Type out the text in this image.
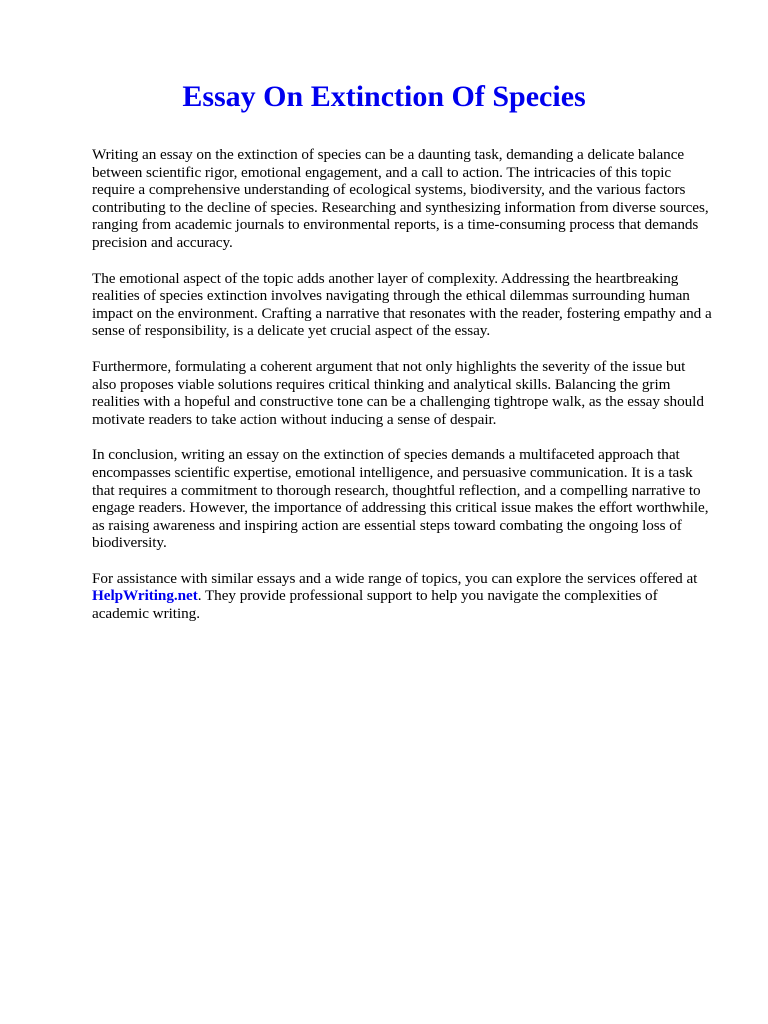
Essay On Extinction Of Species

Writing an essay on the extinction of species can be a daunting task, demanding a delicate balance between scientific rigor, emotional engagement, and a call to action. The intricacies of this topic require a comprehensive understanding of ecological systems, biodiversity, and the various factors contributing to the decline of species. Researching and synthesizing information from diverse sources, ranging from academic journals to environmental reports, is a time-consuming process that demands precision and accuracy.

The emotional aspect of the topic adds another layer of complexity. Addressing the heartbreaking realities of species extinction involves navigating through the ethical dilemmas surrounding human impact on the environment. Crafting a narrative that resonates with the reader, fostering empathy and a sense of responsibility, is a delicate yet crucial aspect of the essay.

Furthermore, formulating a coherent argument that not only highlights the severity of the issue but also proposes viable solutions requires critical thinking and analytical skills. Balancing the grim realities with a hopeful and constructive tone can be a challenging tightrope walk, as the essay should motivate readers to take action without inducing a sense of despair.

In conclusion, writing an essay on the extinction of species demands a multifaceted approach that encompasses scientific expertise, emotional intelligence, and persuasive communication. It is a task that requires a commitment to thorough research, thoughtful reflection, and a compelling narrative to engage readers. However, the importance of addressing this critical issue makes the effort worthwhile, as raising awareness and inspiring action are essential steps toward combating the ongoing loss of biodiversity.

For assistance with similar essays and a wide range of topics, you can explore the services offered at HelpWriting.net. They provide professional support to help you navigate the complexities of academic writing.
